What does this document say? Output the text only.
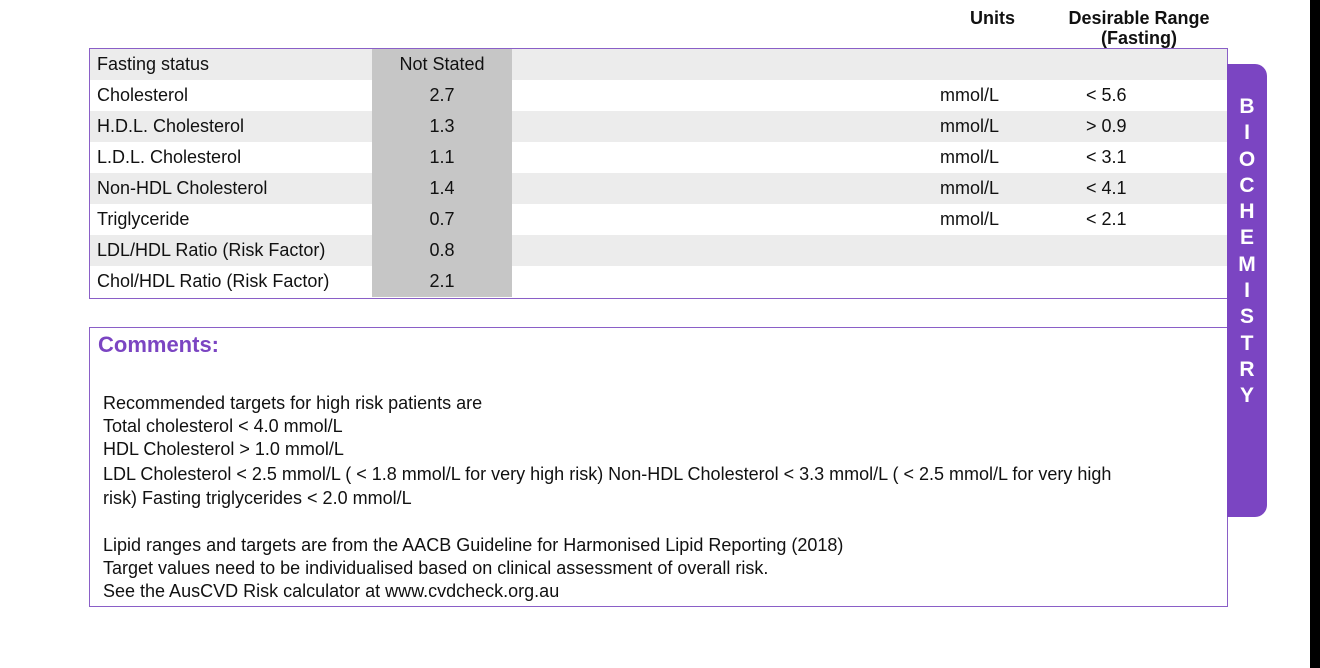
Units	Desirable Range
(Fasting)
Fasting status	Not Stated
Cholesterol	2.7	mmol/L	< 5.6
H.D.L. Cholesterol	1.3	mmol/L	> 0.9
L.D.L. Cholesterol	1.1	mmol/L	< 3.1
Non-HDL Cholesterol	1.4	mmol/L	< 4.1
Triglyceride	0.7	mmol/L	< 2.1
LDL/HDL Ratio (Risk Factor)	0.8
Chol/HDL Ratio (Risk Factor)	2.1
Comments:
Recommended targets for high risk patients are
Total cholesterol < 4.0 mmol/L
HDL Cholesterol > 1.0 mmol/L
LDL Cholesterol < 2.5 mmol/L ( < 1.8 mmol/L for very high risk) Non-HDL Cholesterol < 3.3 mmol/L ( < 2.5 mmol/L for very high
risk) Fasting triglycerides < 2.0 mmol/L
Lipid ranges and targets are from the AACB Guideline for Harmonised Lipid Reporting (2018)
Target values need to be individualised based on clinical assessment of overall risk.
See the AusCVD Risk calculator at www.cvdcheck.org.au
B
I
O
C
H
E
M
I
S
T
R
Y
